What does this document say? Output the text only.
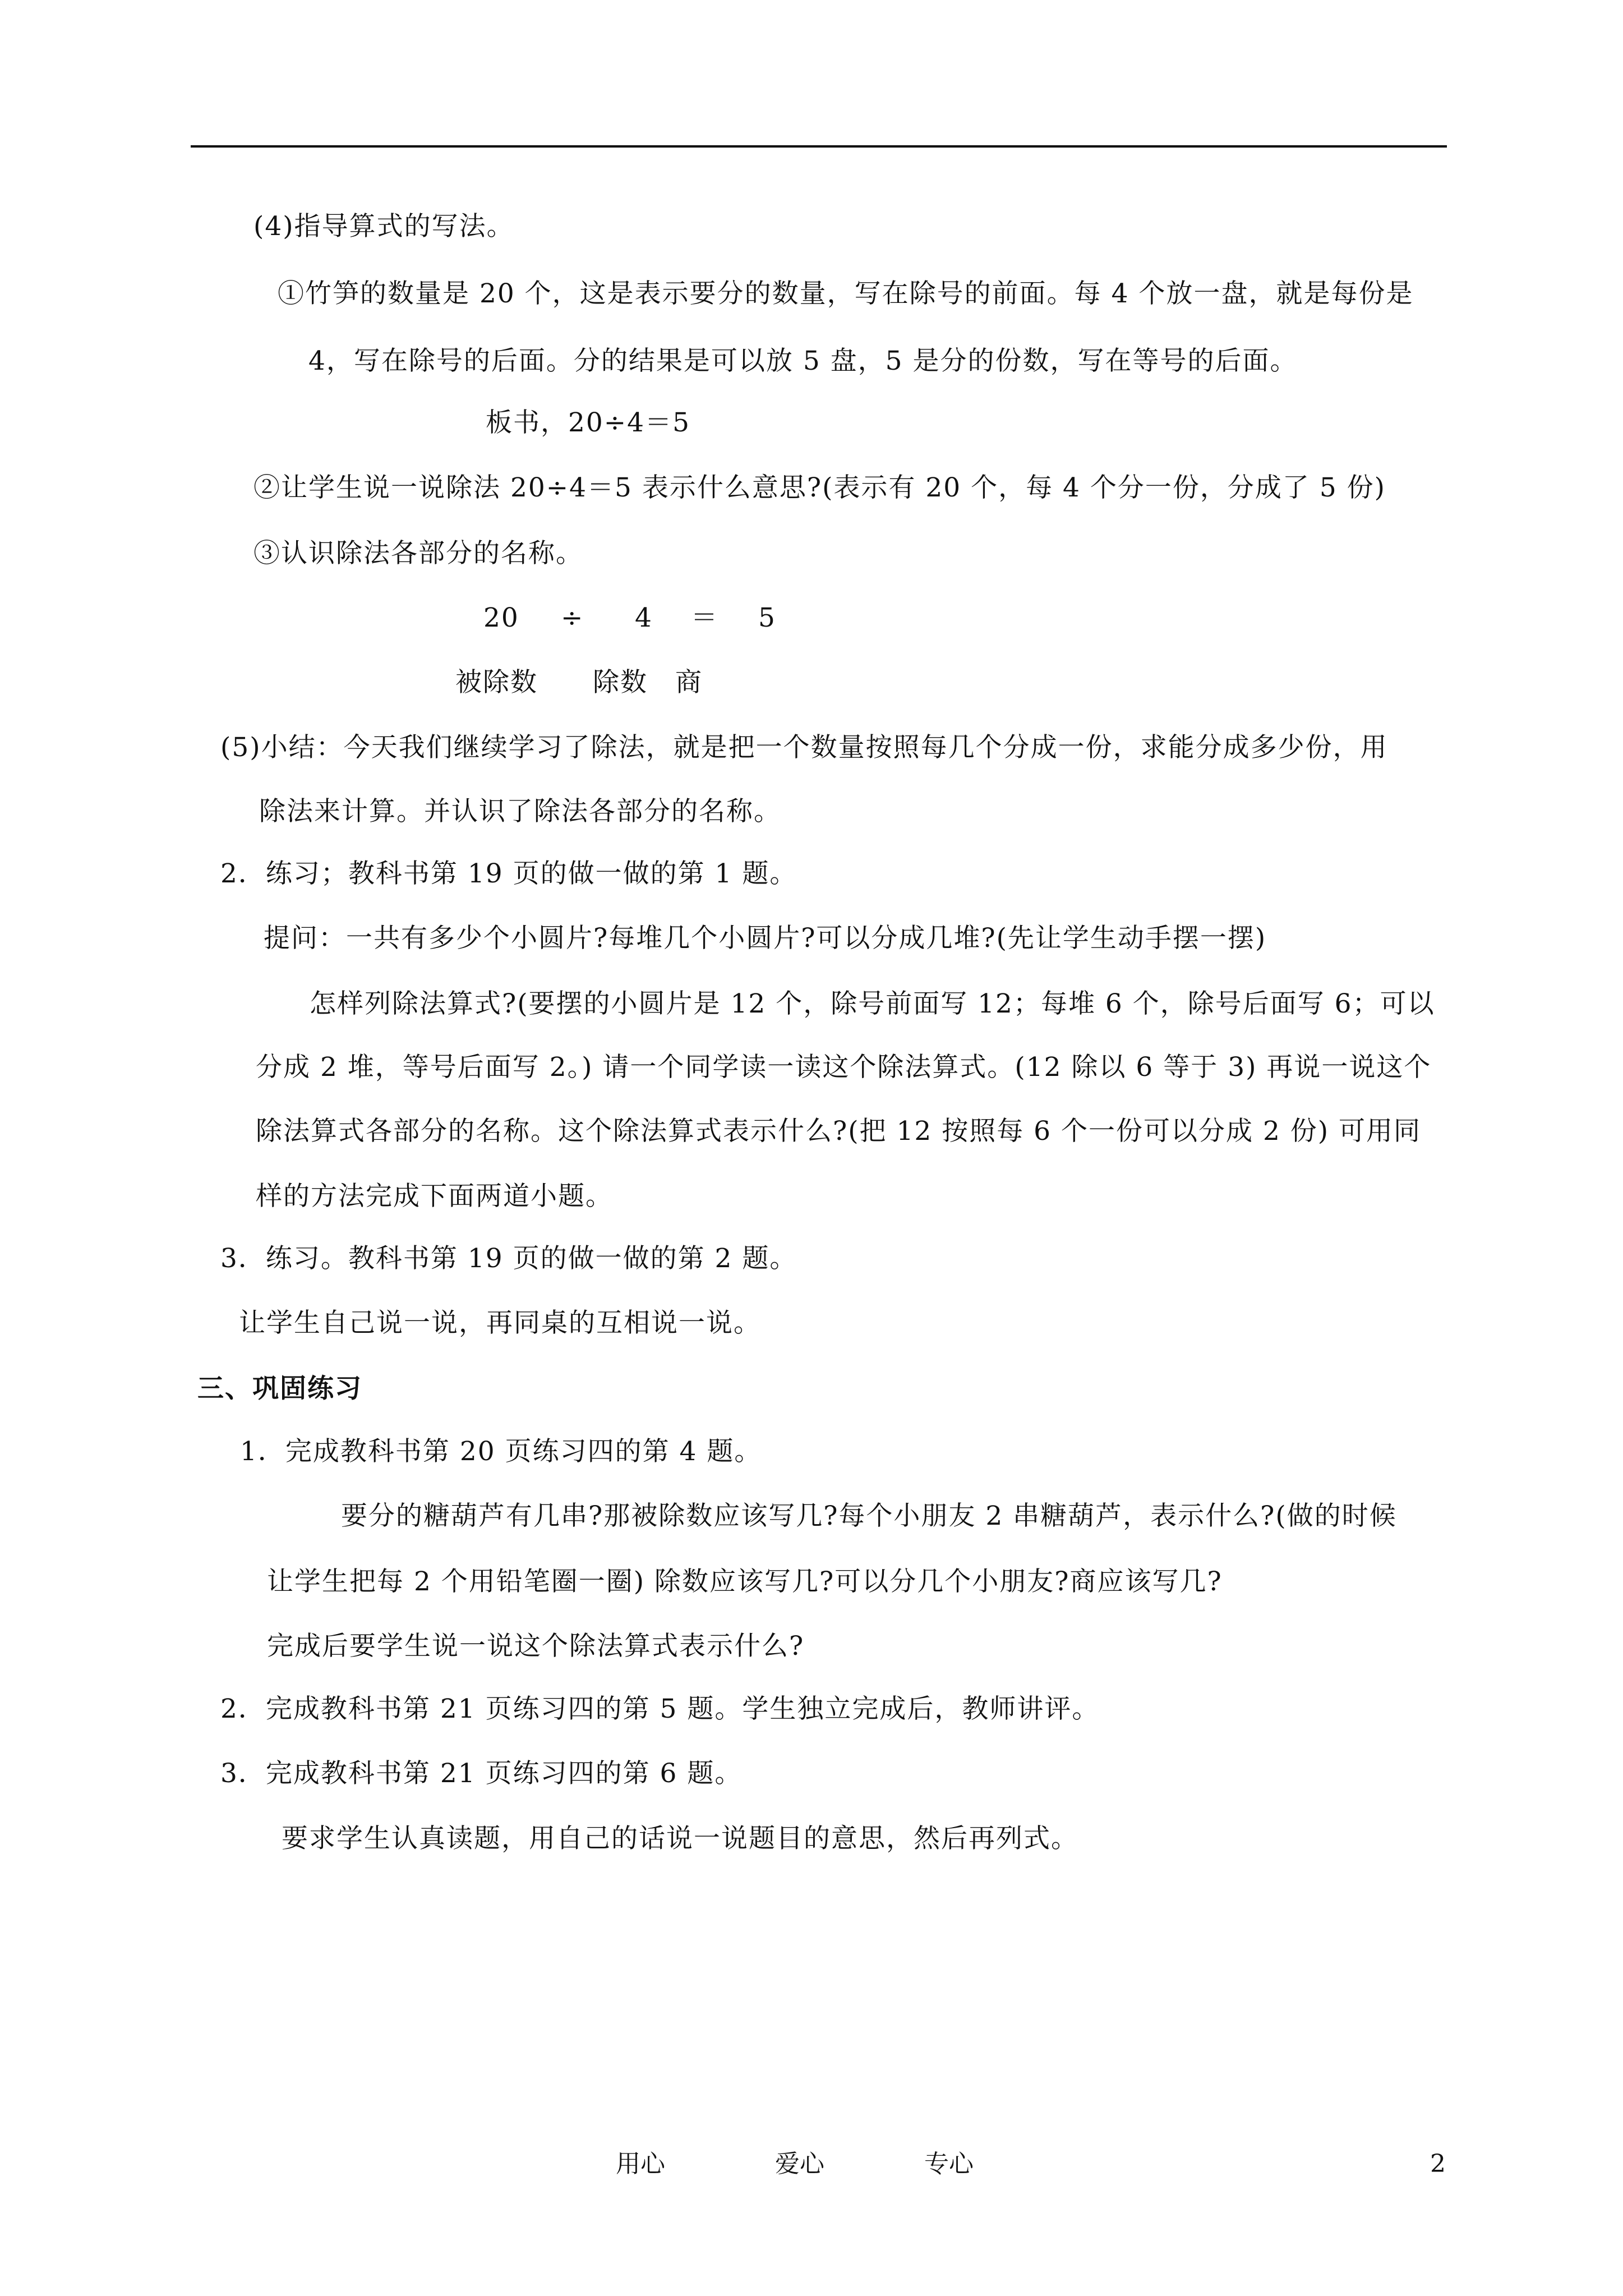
(4)指导算式的写法。
①竹笋的数量是 20 个，这是表示要分的数量，写在除号的前面。每 4 个放一盘，就是每份是
4，写在除号的后面。分的结果是可以放 5 盘，5 是分的份数，写在等号的后面。
板书，20÷4＝5
②让学生说一说除法 20÷4＝5 表示什么意思?(表示有 20 个，每 4 个分一份，分成了 5 份)
③认识除法各部分的名称。
20 ÷ 4 ＝ 5
被除数　　除数　商
(5)小结：今天我们继续学习了除法，就是把一个数量按照每几个分成一份，求能分成多少份，用
除法来计算。并认识了除法各部分的名称。
2．练习；教科书第 19 页的做一做的第 1 题。
提问：一共有多少个小圆片?每堆几个小圆片?可以分成几堆?(先让学生动手摆一摆)
怎样列除法算式?(要摆的小圆片是 12 个，除号前面写 12；每堆 6 个，除号后面写 6；可以
分成 2 堆，等号后面写 2。) 请一个同学读一读这个除法算式。(12 除以 6 等于 3) 再说一说这个
除法算式各部分的名称。这个除法算式表示什么?(把 12 按照每 6 个一份可以分成 2 份) 可用同
样的方法完成下面两道小题。
3．练习。教科书第 19 页的做一做的第 2 题。
让学生自己说一说，再同桌的互相说一说。
三、巩固练习
1．完成教科书第 20 页练习四的第 4 题。
要分的糖葫芦有几串?那被除数应该写几?每个小朋友 2 串糖葫芦，表示什么?(做的时候
让学生把每 2 个用铅笔圈一圈) 除数应该写几?可以分几个小朋友?商应该写几?
完成后要学生说一说这个除法算式表示什么?
2．完成教科书第 21 页练习四的第 5 题。学生独立完成后，教师讲评。
3．完成教科书第 21 页练习四的第 6 题。
要求学生认真读题，用自己的话说一说题目的意思，然后再列式。
用心	爱心	专心	2
